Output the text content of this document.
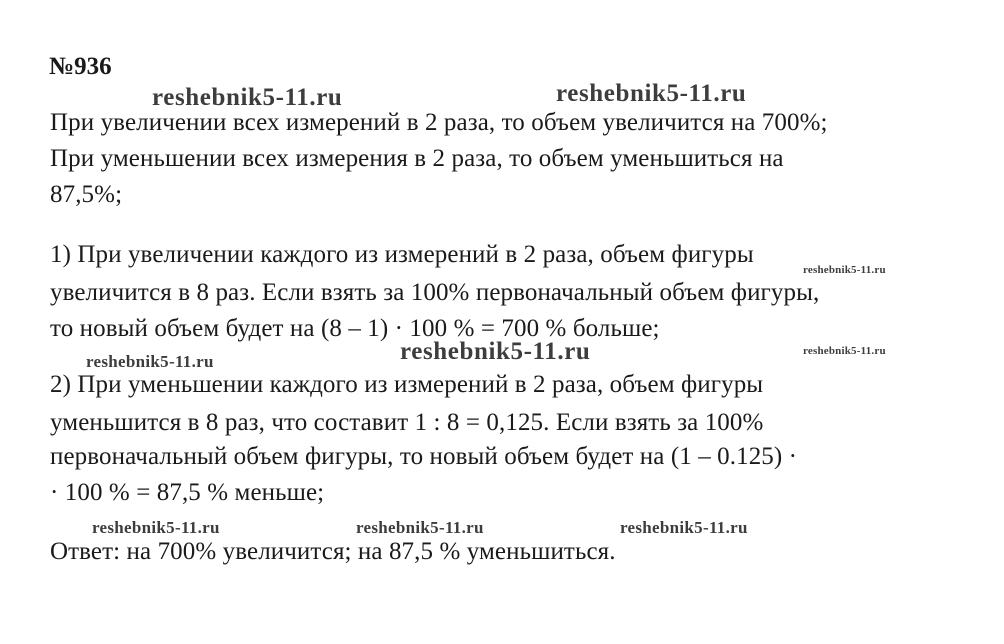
№936
reshebnik5-11.ru	reshebnik5-11.ru
reshebnik5-11.ru
reshebnik5-11.ru	reshebnik5-11.ru	reshebnik5-11.ru
reshebnik5-11.ru	reshebnik5-11.ru	reshebnik5-11.ru
При увеличении всех измерений в 2 раза, то объем увеличится на 700%;
При уменьшении всех измерения в 2 раза, то объем уменьшиться на
87,5%;
1) При увеличении каждого из измерений в 2 раза, объем фигуры
увеличится в 8 раз. Если взять за 100% первоначальный объем фигуры,
то новый объем будет на (8 – 1) · 100 % = 700 % больше;
2) При уменьшении каждого из измерений в 2 раза, объем фигуры
уменьшится в 8 раз, что составит 1 : 8 = 0,125. Если взять за 100%
первоначальный объем фигуры, то новый объем будет на (1 – 0.125) ·
· 100 % = 87,5 % меньше;
Ответ: на 700% увеличится; на 87,5 % уменьшиться.
